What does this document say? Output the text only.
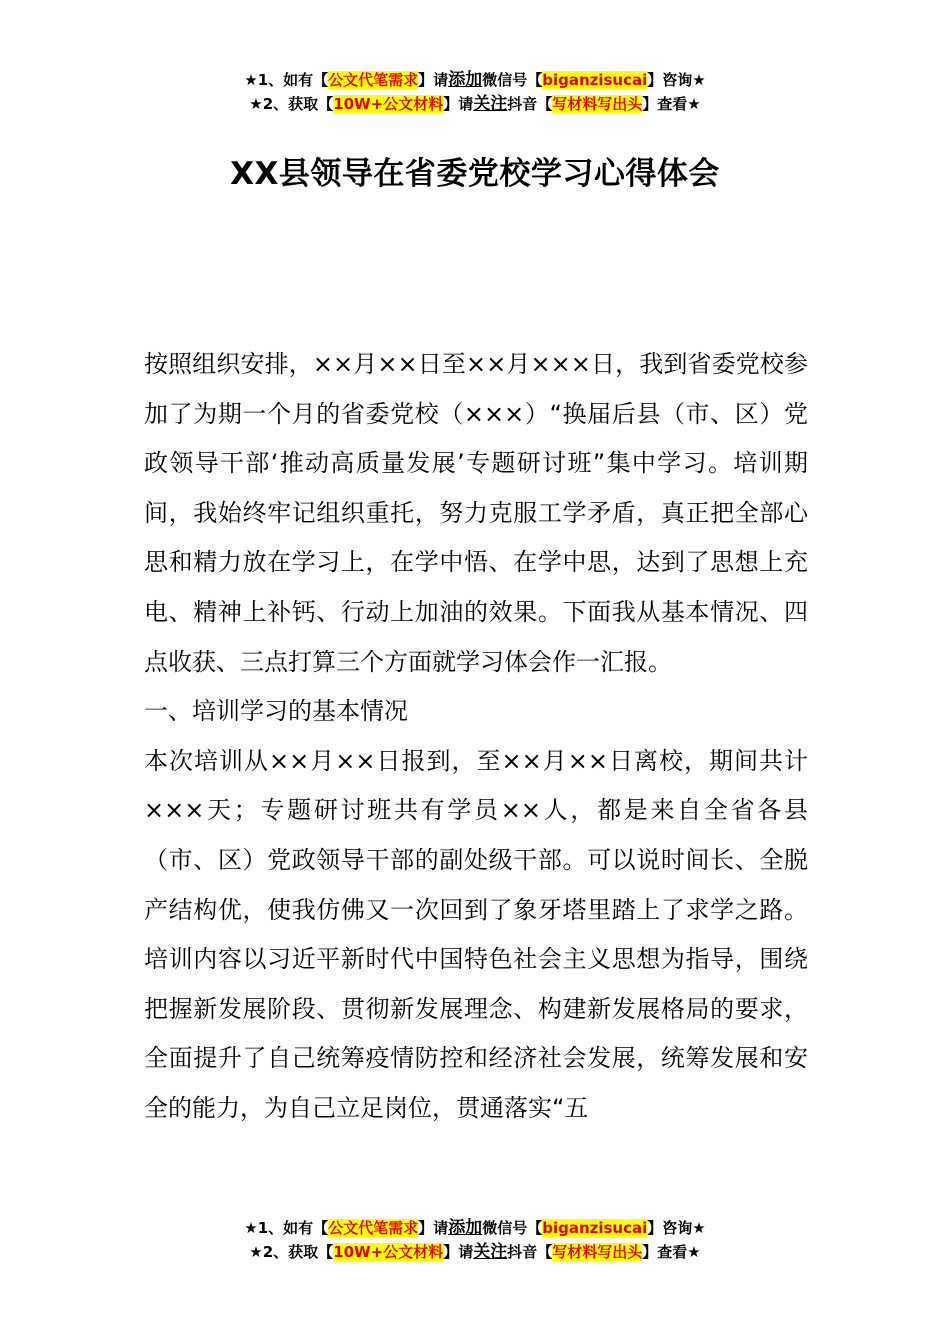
★1、如有【公文代笔需求】请添加微信号【biganzisucai】咨询★
★2、获取【10W+公文材料】请关注抖音【写材料写出头】查看★
XX县领导在省委党校学习心得体会

按照组织安排，××月××日至××月×××日，我到省委党校参加了为期一个月的省委党校（×××）“换届后县（市、区）党政领导干部‘推动高质量发展’专题研讨班”集中学习。培训期间，我始终牢记组织重托，努力克服工学矛盾，真正把全部心思和精力放在学习上，在学中悟、在学中思，达到了思想上充电、精神上补钙、行动上加油的效果。下面我从基本情况、四点收获、三点打算三个方面就学习体会作一汇报。

一、培训学习的基本情况

本次培训从××月××日报到，至××月××日离校，期间共计×××天；专题研讨班共有学员××人，都是来自全省各县（市、区）党政领导干部的副处级干部。可以说时间长、全脱产结构优，使我仿佛又一次回到了象牙塔里踏上了求学之路。培训内容以习近平新时代中国特色社会主义思想为指导，围绕把握新发展阶段、贯彻新发展理念、构建新发展格局的要求，全面提升了自己统筹疫情防控和经济社会发展，统筹发展和安全的能力，为自己立足岗位，贯通落实“五

★1、如有【公文代笔需求】请添加微信号【biganzisucai】咨询★
★2、获取【10W+公文材料】请关注抖音【写材料写出头】查看★
